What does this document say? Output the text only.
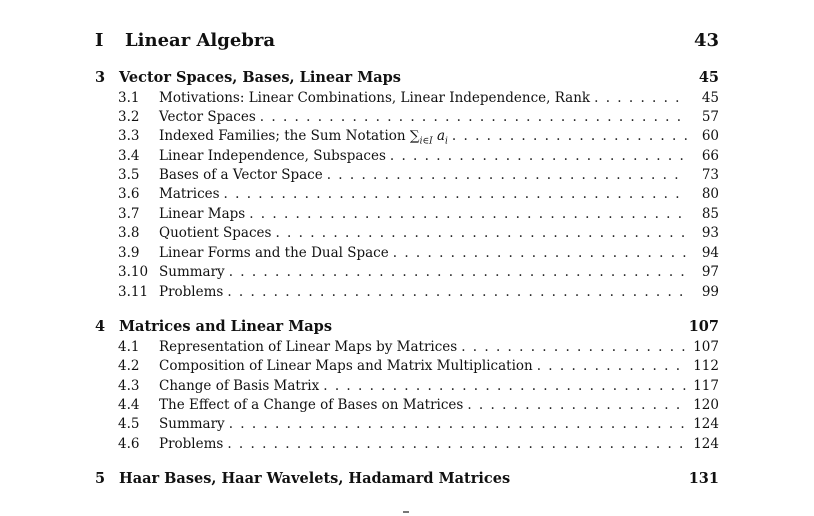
I	Linear Algebra	43
3 Vector Spaces, Bases, Linear Maps	45
3.1	Motivations: Linear Combinations, Linear Independence, Rank . . .	45
3.2	Vector Spaces . . .	57
3.3	Indexed Families; the Sum Notation $\sum_{i\in I}$ $a_i$ . . .	60
3.4	Linear Independence, Subspaces . . .	66
3.5	Bases of a Vector Space . . .	73
3.6	Matrices . . .	80
3.7	Linear Maps . . .	85
3.8	Quotient Spaces . . .	93
3.9	Linear Forms and the Dual Space . . .	94
3.10 Summary . . .	97
3.11 Problems . . .	99
4 Matrices and Linear Maps	107
4.1	Representation of Linear Maps by Matrices . . .	107
4.2	Composition of Linear Maps and Matrix Multiplication . . .	112
4.3	Change of Basis Matrix . . .	117
4.4	The Effect of a Change of Bases on Matrices . . .	120
4.5	Summary . . .	124
4.6	Problems . . .	124
5 Haar Bases, Haar Wavelets, Hadamard Matrices	131
